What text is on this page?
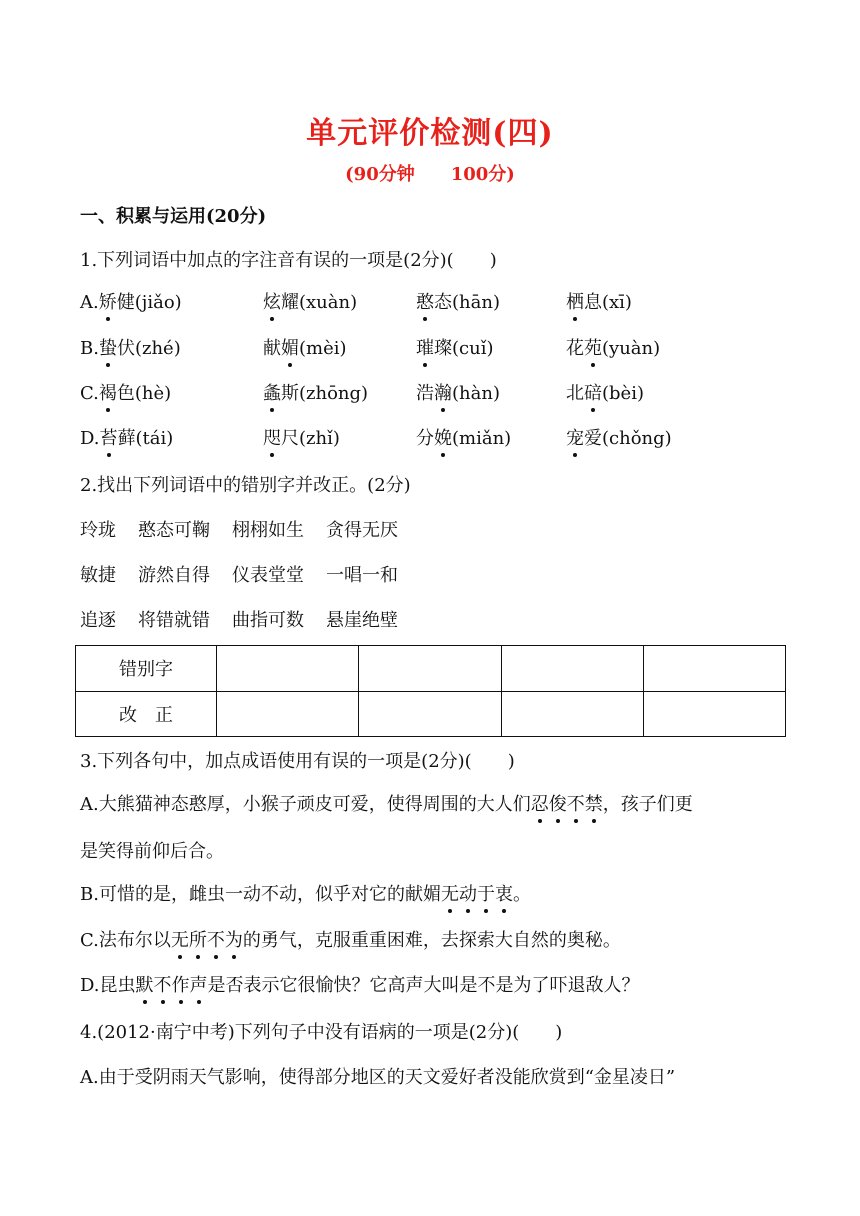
单元评价检测(四)
(90分钟 100分)
一、积累与运用(20分)
1.下列词语中加点的字注音有误的一项是(2分)(　　)
A.矫健(jiǎo)	炫耀(xuàn)	憨态(hān)	栖息(xī)
B.蛰伏(zhé)	献媚(mèi)	璀璨(cuǐ)	花苑(yuàn)
C.褐色(hè)	螽斯(zhōng)	浩瀚(hàn)	北碚(bèi)
D.苔藓(tái)	咫尺(zhǐ)	分娩(miǎn)	宠爱(chǒng)
2.找出下列词语中的错别字并改正。(2分)
玲珑 憨态可鞠 栩栩如生 贪得无厌
敏捷 游然自得 仪表堂堂 一唱一和
追逐 将错就错 曲指可数 悬崖绝壁
错别字				
改　正				
3.下列各句中，加点成语使用有误的一项是(2分)(　　)
A.大熊猫神态憨厚，小猴子顽皮可爱，使得周围的大人们忍俊不禁，孩子们更
是笑得前仰后合。
B.可惜的是，雌虫一动不动，似乎对它的献媚无动于衷。
C.法布尔以无所不为的勇气，克服重重困难，去探索大自然的奥秘。
D.昆虫默不作声是否表示它很愉快？它高声大叫是不是为了吓退敌人？
4.(2012·南宁中考)下列句子中没有语病的一项是(2分)(　　)
A.由于受阴雨天气影响，使得部分地区的天文爱好者没能欣赏到“金星凌日”
